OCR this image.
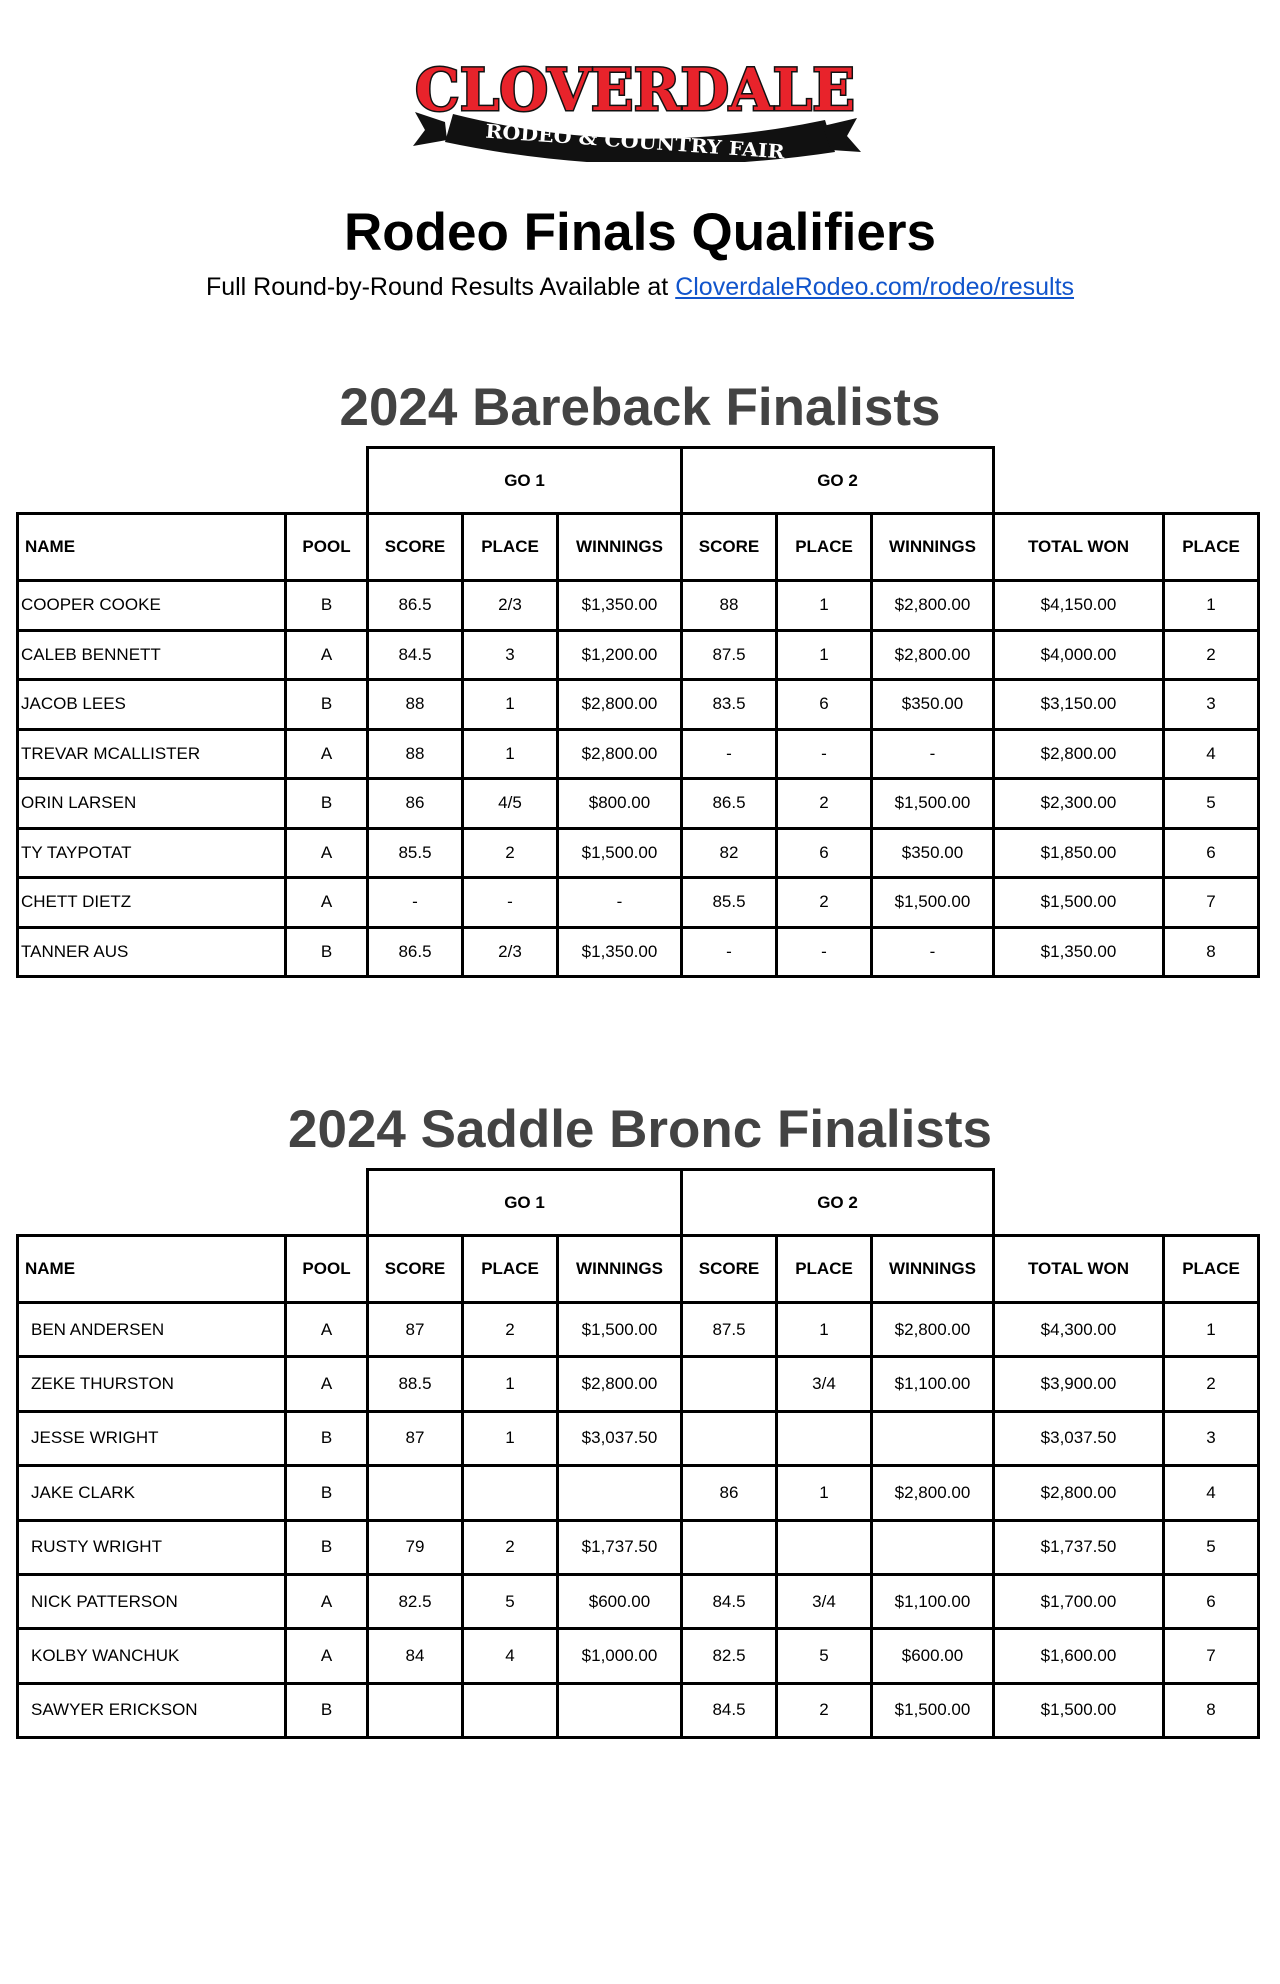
CLOVERDALE
RODEO & COUNTRY FAIR
Rodeo Finals Qualifiers
Full Round-by-Round Results Available at CloverdaleRodeo.com/rodeo/results
2024 Bareback Finalists
		GO 1			GO 2				
NAME	POOL	SCORE	PLACE	WINNINGS	SCORE	PLACE	WINNINGS	TOTAL WON	PLACE
COOPER COOKE	B	86.5	2/3	$1,350.00	88	1	$2,800.00	$4,150.00	1
CALEB BENNETT	A	84.5	3	$1,200.00	87.5	1	$2,800.00	$4,000.00	2
JACOB LEES	B	88	1	$2,800.00	83.5	6	$350.00	$3,150.00	3
TREVAR MCALLISTER	A	88	1	$2,800.00	-	-	-	$2,800.00	4
ORIN LARSEN	B	86	4/5	$800.00	86.5	2	$1,500.00	$2,300.00	5
TY TAYPOTAT	A	85.5	2	$1,500.00	82	6	$350.00	$1,850.00	6
CHETT DIETZ	A	-	-	-	85.5	2	$1,500.00	$1,500.00	7
TANNER AUS	B	86.5	2/3	$1,350.00	-	-	-	$1,350.00	8
2024 Saddle Bronc Finalists
		GO 1			GO 2				
NAME	POOL	SCORE	PLACE	WINNINGS	SCORE	PLACE	WINNINGS	TOTAL WON	PLACE
BEN ANDERSEN	A	87	2	$1,500.00	87.5	1	$2,800.00	$4,300.00	1
ZEKE THURSTON	A	88.5	1	$2,800.00		3/4	$1,100.00	$3,900.00	2
JESSE WRIGHT	B	87	1	$3,037.50				$3,037.50	3
JAKE CLARK	B				86	1	$2,800.00	$2,800.00	4
RUSTY WRIGHT	B	79	2	$1,737.50				$1,737.50	5
NICK PATTERSON	A	82.5	5	$600.00	84.5	3/4	$1,100.00	$1,700.00	6
KOLBY WANCHUK	A	84	4	$1,000.00	82.5	5	$600.00	$1,600.00	7
SAWYER ERICKSON	B				84.5	2	$1,500.00	$1,500.00	8
